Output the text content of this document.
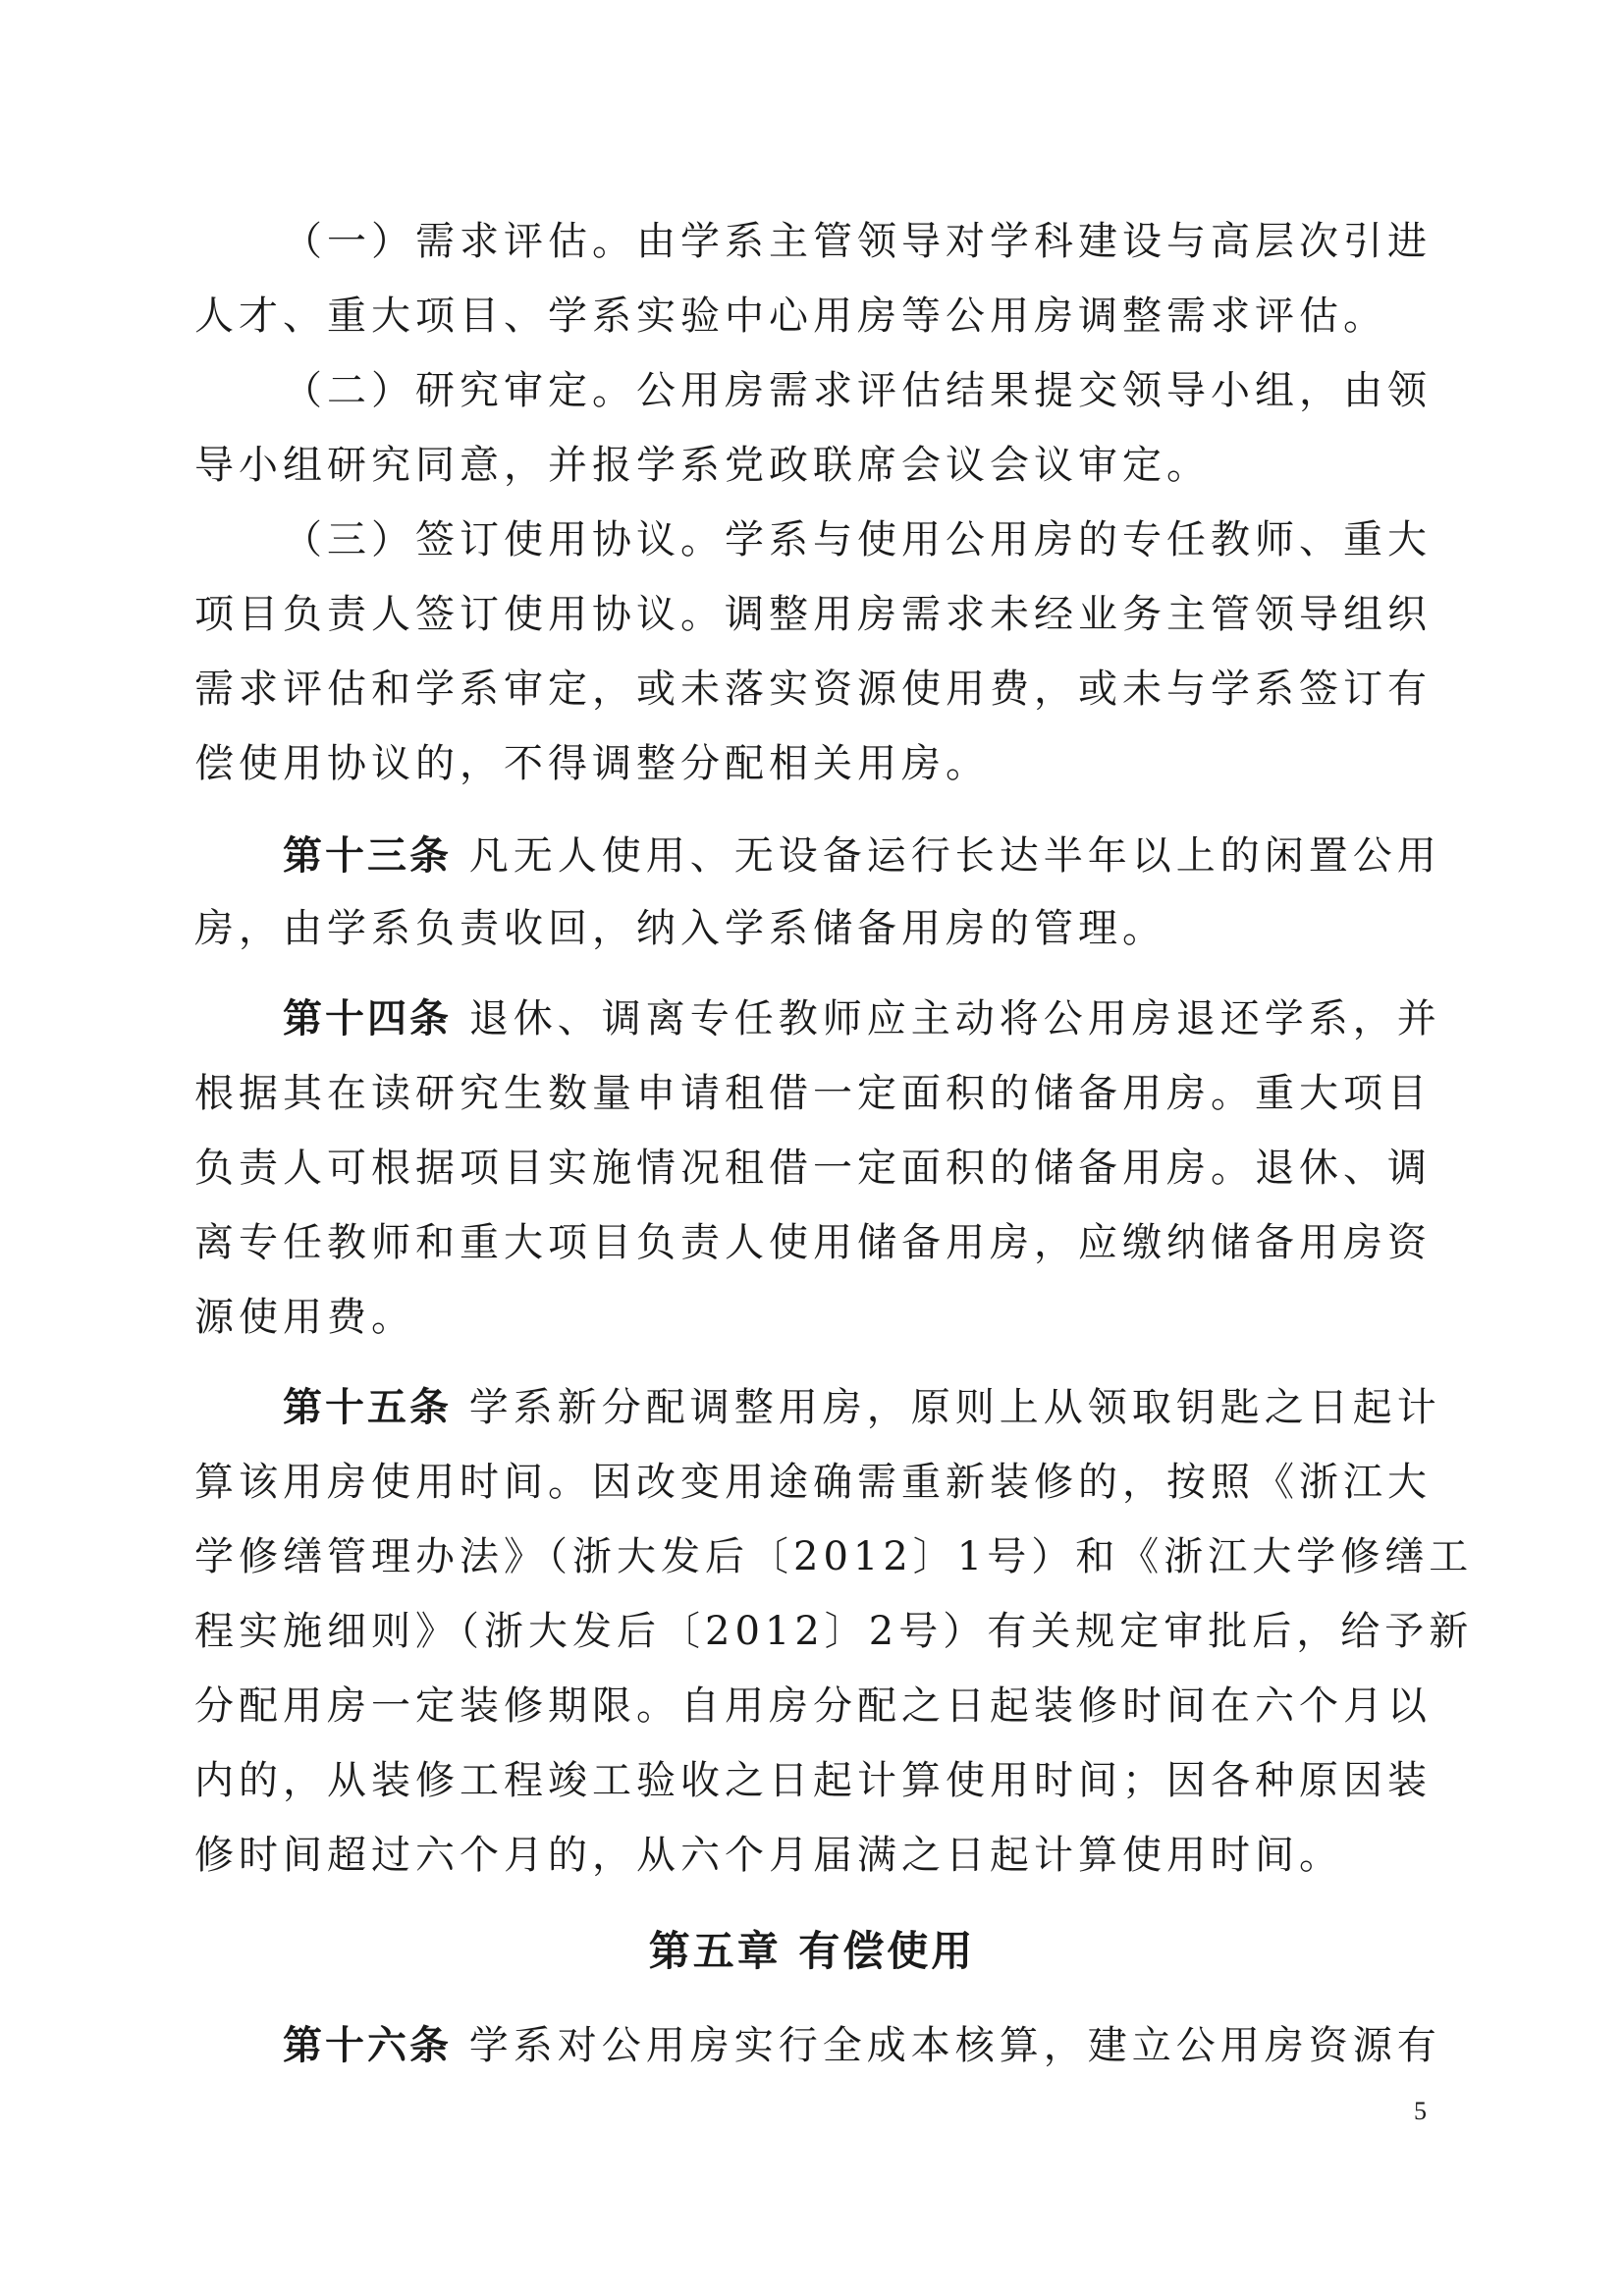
（一）需求评估。由学系主管领导对学科建设与高层次引进
人才、重大项目、学系实验中心用房等公用房调整需求评估。
（二）研究审定。公用房需求评估结果提交领导小组，由领
导小组研究同意，并报学系党政联席会议会议审定。
（三）签订使用协议。学系与使用公用房的专任教师、重大
项目负责人签订使用协议。调整用房需求未经业务主管领导组织
需求评估和学系审定，或未落实资源使用费，或未与学系签订有
偿使用协议的，不得调整分配相关用房。
第十三条 凡无人使用、无设备运行长达半年以上的闲置公用
房，由学系负责收回，纳入学系储备用房的管理。
第十四条 退休、调离专任教师应主动将公用房退还学系，并
根据其在读研究生数量申请租借一定面积的储备用房。重大项目
负责人可根据项目实施情况租借一定面积的储备用房。退休、调
离专任教师和重大项目负责人使用储备用房，应缴纳储备用房资
源使用费。
第十五条 学系新分配调整用房，原则上从领取钥匙之日起计
算该用房使用时间。因改变用途确需重新装修的，按照《浙江大
学修缮管理办法》（浙大发后〔2012〕1号）和《浙江大学修缮工
程实施细则》（浙大发后〔2012〕2号）有关规定审批后，给予新
分配用房一定装修期限。自用房分配之日起装修时间在六个月以
内的，从装修工程竣工验收之日起计算使用时间；因各种原因装
修时间超过六个月的，从六个月届满之日起计算使用时间。
第五章 有偿使用
第十六条 学系对公用房实行全成本核算，建立公用房资源有
5
